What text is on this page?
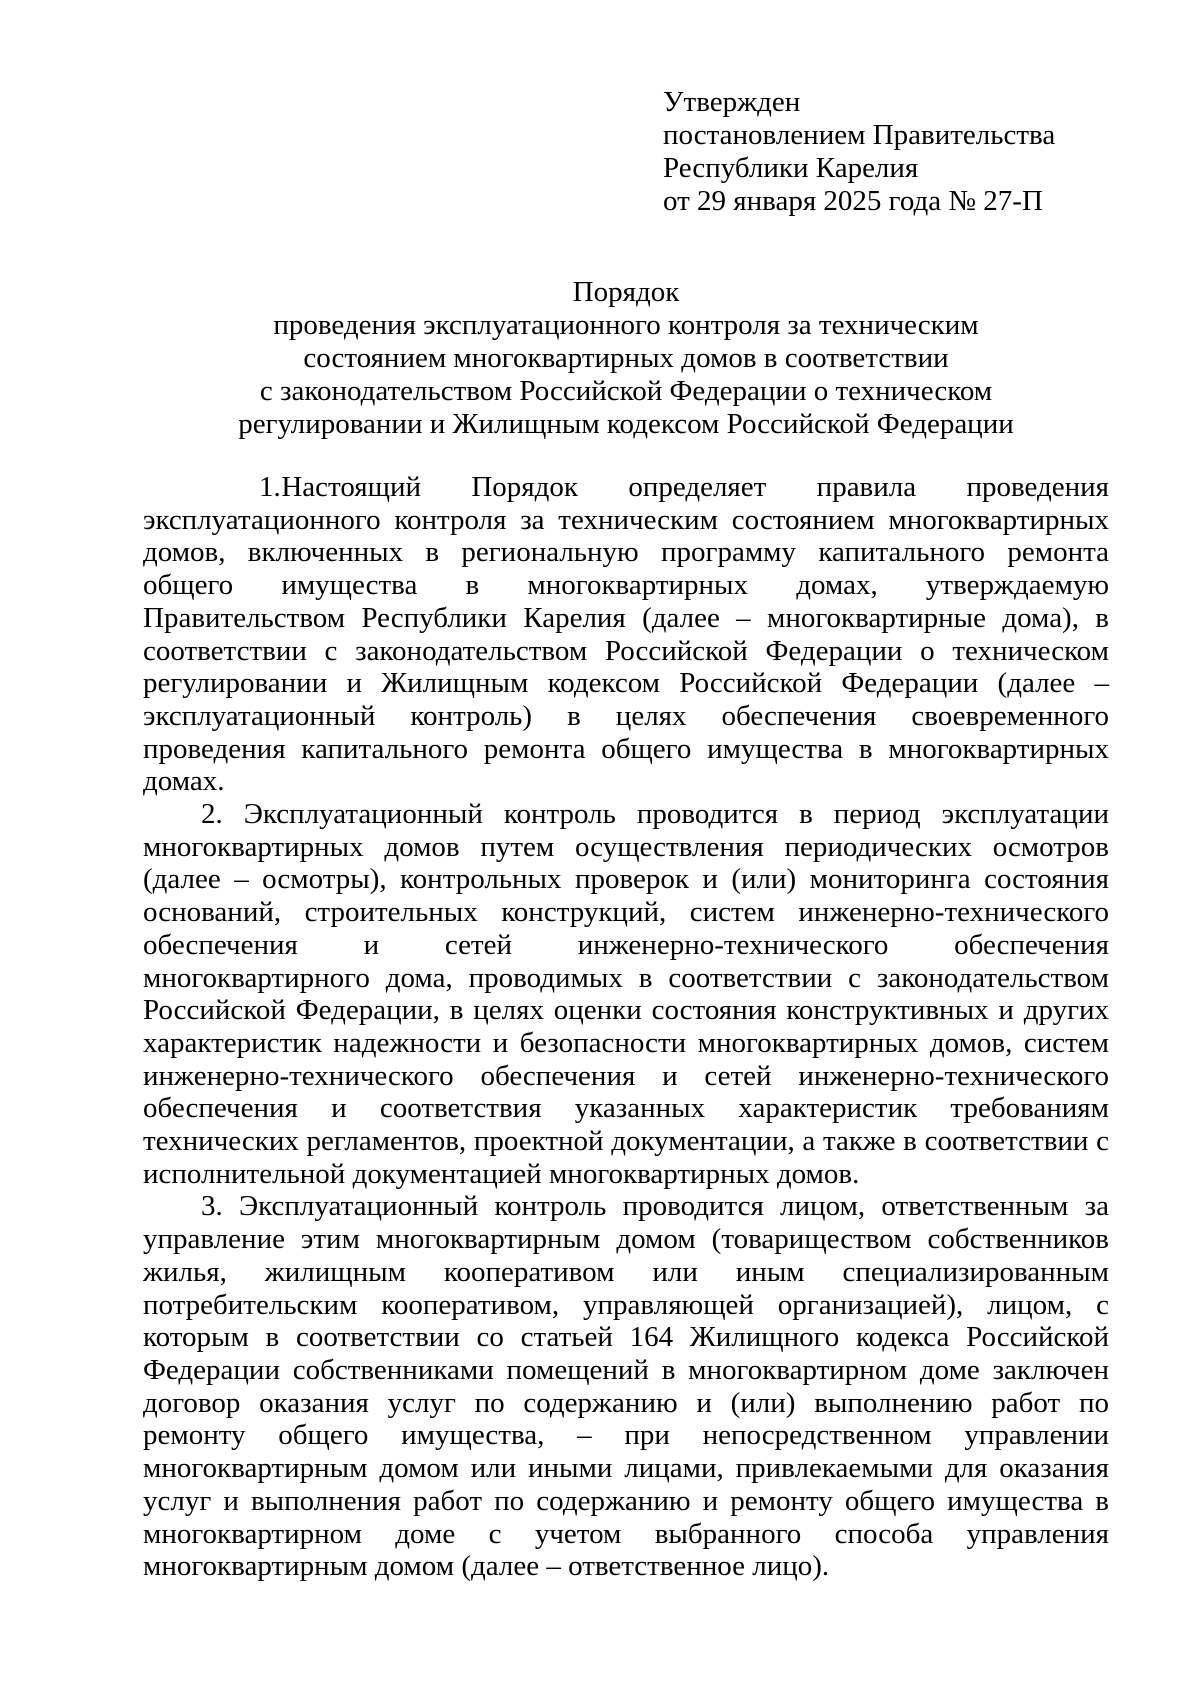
Утвержден
постановлением Правительства
Республики Карелия
от 29 января 2025 года № 27-П
Порядок
проведения эксплуатационного контроля за техническим
состоянием многоквартирных домов в соответствии
с законодательством Российской Федерации о техническом
регулировании и Жилищным кодексом Российской Федерации

1. Настоящий Порядок определяет правила проведения эксплуатационного контроля за техническим состоянием многоквартирных домов, включенных в региональную программу капитального ремонта общего имущества в многоквартирных домах, утверждаемую Правительством Республики Карелия (далее – многоквартирные дома), в соответствии с законодательством Российской Федерации о техническом регулировании и Жилищным кодексом Российской Федерации (далее – эксплуатационный контроль) в целях обеспечения своевременного проведения капитального ремонта общего имущества в многоквартирных домах.

2. Эксплуатационный контроль проводится в период эксплуатации многоквартирных домов путем осуществления периодических осмотров (далее – осмотры), контрольных проверок и (или) мониторинга состояния оснований, строительных конструкций, систем инженерно-технического обеспечения и сетей инженерно-технического обеспечения многоквартирного дома, проводимых в соответствии с законодательством Российской Федерации, в целях оценки состояния конструктивных и других характеристик надежности и безопасности многоквартирных домов, систем инженерно-технического обеспечения и сетей инженерно-технического обеспечения и соответствия указанных характеристик требованиям технических регламентов, проектной документации, а также в соответствии с исполнительной документацией многоквартирных домов.

3. Эксплуатационный контроль проводится лицом, ответственным за управление этим многоквартирным домом (товариществом собственников жилья, жилищным кооперативом или иным специализированным потребительским кооперативом, управляющей организацией), лицом, с которым в соответствии со статьей 164 Жилищного кодекса Российской Федерации собственниками помещений в многоквартирном доме заключен договор оказания услуг по содержанию и (или) выполнению работ по ремонту общего имущества, – при непосредственном управлении многоквартирным домом или иными лицами, привлекаемыми для оказания услуг и выполнения работ по содержанию и ремонту общего имущества в многоквартирном доме с учетом выбранного способа управления многоквартирным домом (далее – ответственное лицо).
